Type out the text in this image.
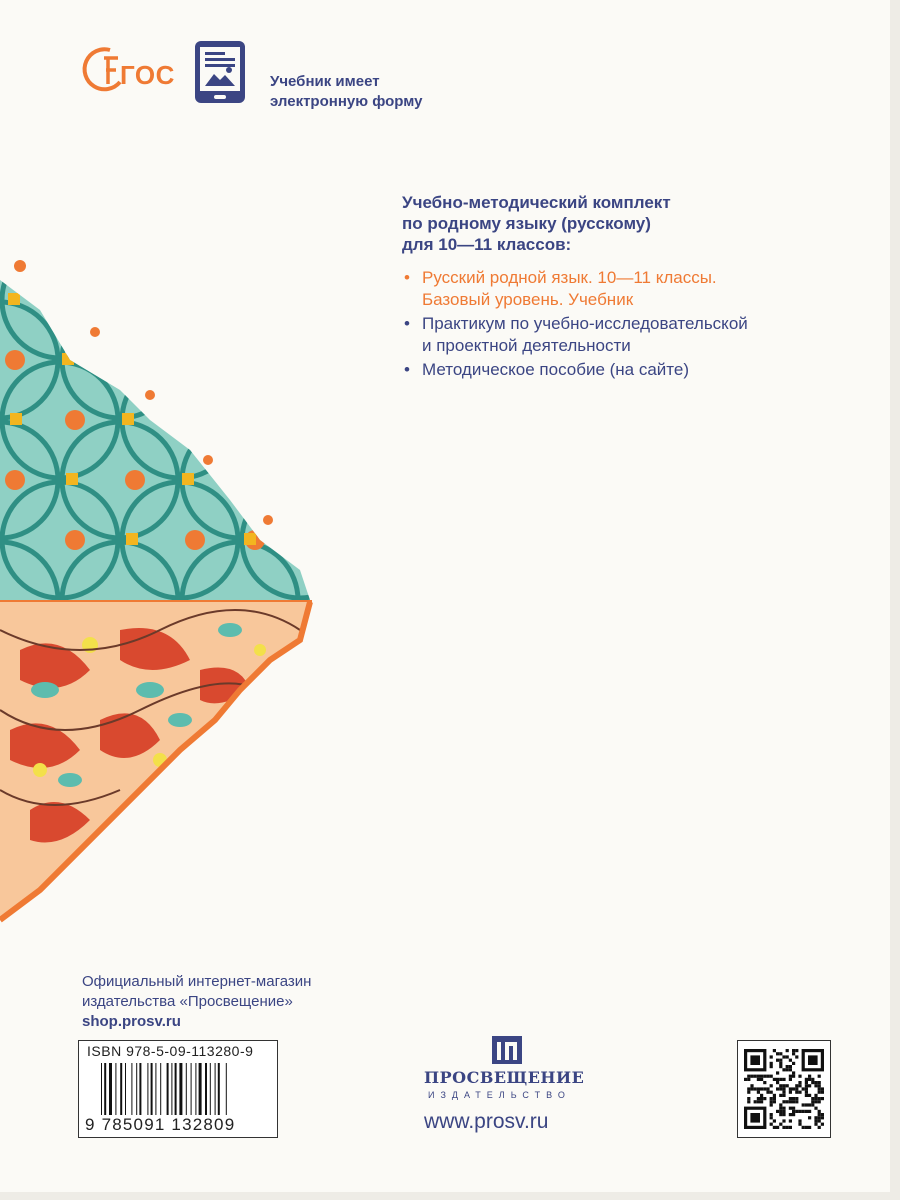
ГОС	Учебник имеет
электронную форму
Учебно-методический комплект
по родному языку (русскому)
для 10—11 классов:
• Русский родной язык. 10—11 классы.
Базовый уровень. Учебник
• Практикум по учебно-исследовательской
и проектной деятельности
• Методическое пособие (на сайте)
Официальный интернет-магазин
издательства «Просвещение»
shop.prosv.ru
ISBN 978-5-09-113280-9
9 785091 132809
ПРОСВЕЩЕНИЕ
ИЗДАТЕЛЬСТВО
www.prosv.ru
